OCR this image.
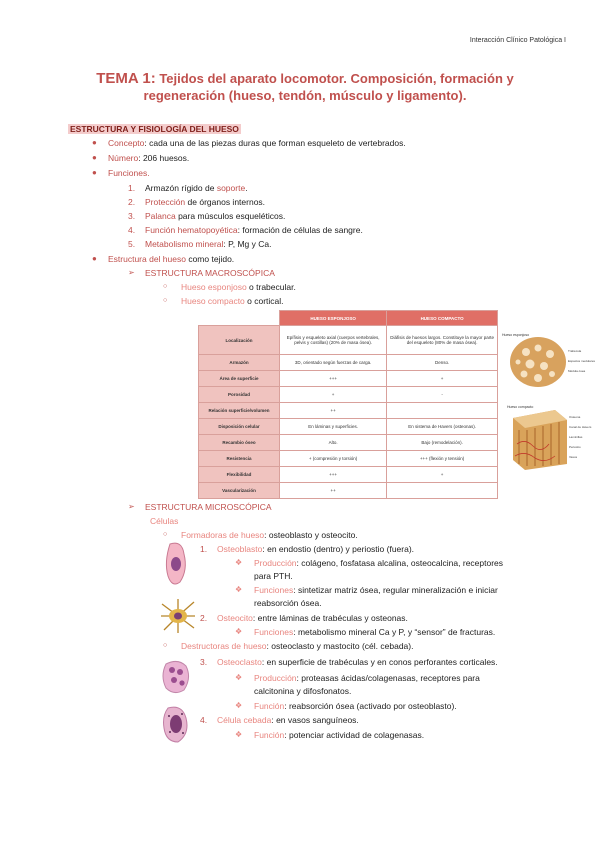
Interacción Clínico Patológica I
TEMA 1: Tejidos del aparato locomotor. Composición, formación y regeneración (hueso, tendón, músculo y ligamento).
ESTRUCTURA Y FISIOLOGÍA DEL HUESO
● Concepto: cada una de las piezas duras que forman esqueleto de vertebrados.
● Número: 206 huesos.
● Funciones.
1. Armazón rígido de soporte.
2. Protección de órganos internos.
3. Palanca para músculos esqueléticos.
4. Función hematopoyética: formación de células de sangre.
5. Metabolismo mineral: P, Mg y Ca.
● Estructura del hueso como tejido.
➢ ESTRUCTURA MACROSCÓPICA
○ Hueso esponjoso o trabecular.
○ Hueso compacto o cortical.
	HUESO ESPONJOSO	HUESO COMPACTO
Localización	Epífisis y esqueleto axial (cuerpos vertebrales, pelvis y costillas) (20% de masa ósea).	Diáfisis de huesos largos. Constituye la mayor parte del esqueleto (80% de masa ósea).
Armazón	3D, orientado según fuerzas de carga.	Denso.
Área de superficie	+++	+
Porosidad	+	-
Relación superficie/volumen	++	
Disposición celular	En láminas y superficies.	En sistema de Havers (osteonas).
Recambio óseo	Alto.	Bajo (remodelación).
Resistencia	+ (compresión y torsión)	+++ (flexión y tensión)
Flexibilidad	+++	+
Vascularización	++	
Hueso esponjoso
Trabécula
Espacios medulares
Médula ósea
Hueso compacto
Osteona
Canal de Havers
Laminillas
Periostio
Vasos
➢ ESTRUCTURA MICROSCÓPICA
Células
○ Formadoras de hueso: osteoblasto y osteocito.
1. Osteoblasto: en endostio (dentro) y periostio (fuera).
❖ Producción: colágeno, fosfatasa alcalina, osteocalcina, receptores
para PTH.
❖ Funciones: sintetizar matriz ósea, regular mineralización e iniciar
reabsorción ósea.
2. Osteocito: entre láminas de trabéculas y osteonas.
❖ Funciones: metabolismo mineral Ca y P, y “sensor” de fracturas.
○ Destructoras de hueso: osteoclasto y mastocito (cél. cebada).
3. Osteoclasto: en superficie de trabéculas y en conos perforantes corticales.
❖ Producción: proteasas ácidas/colagenasas, receptores para
calcitonina y difosfonatos.
❖ Función: reabsorción ósea (activado por osteoblasto).
4. Célula cebada: en vasos sanguíneos.
❖ Función: potenciar actividad de colagenasas.
